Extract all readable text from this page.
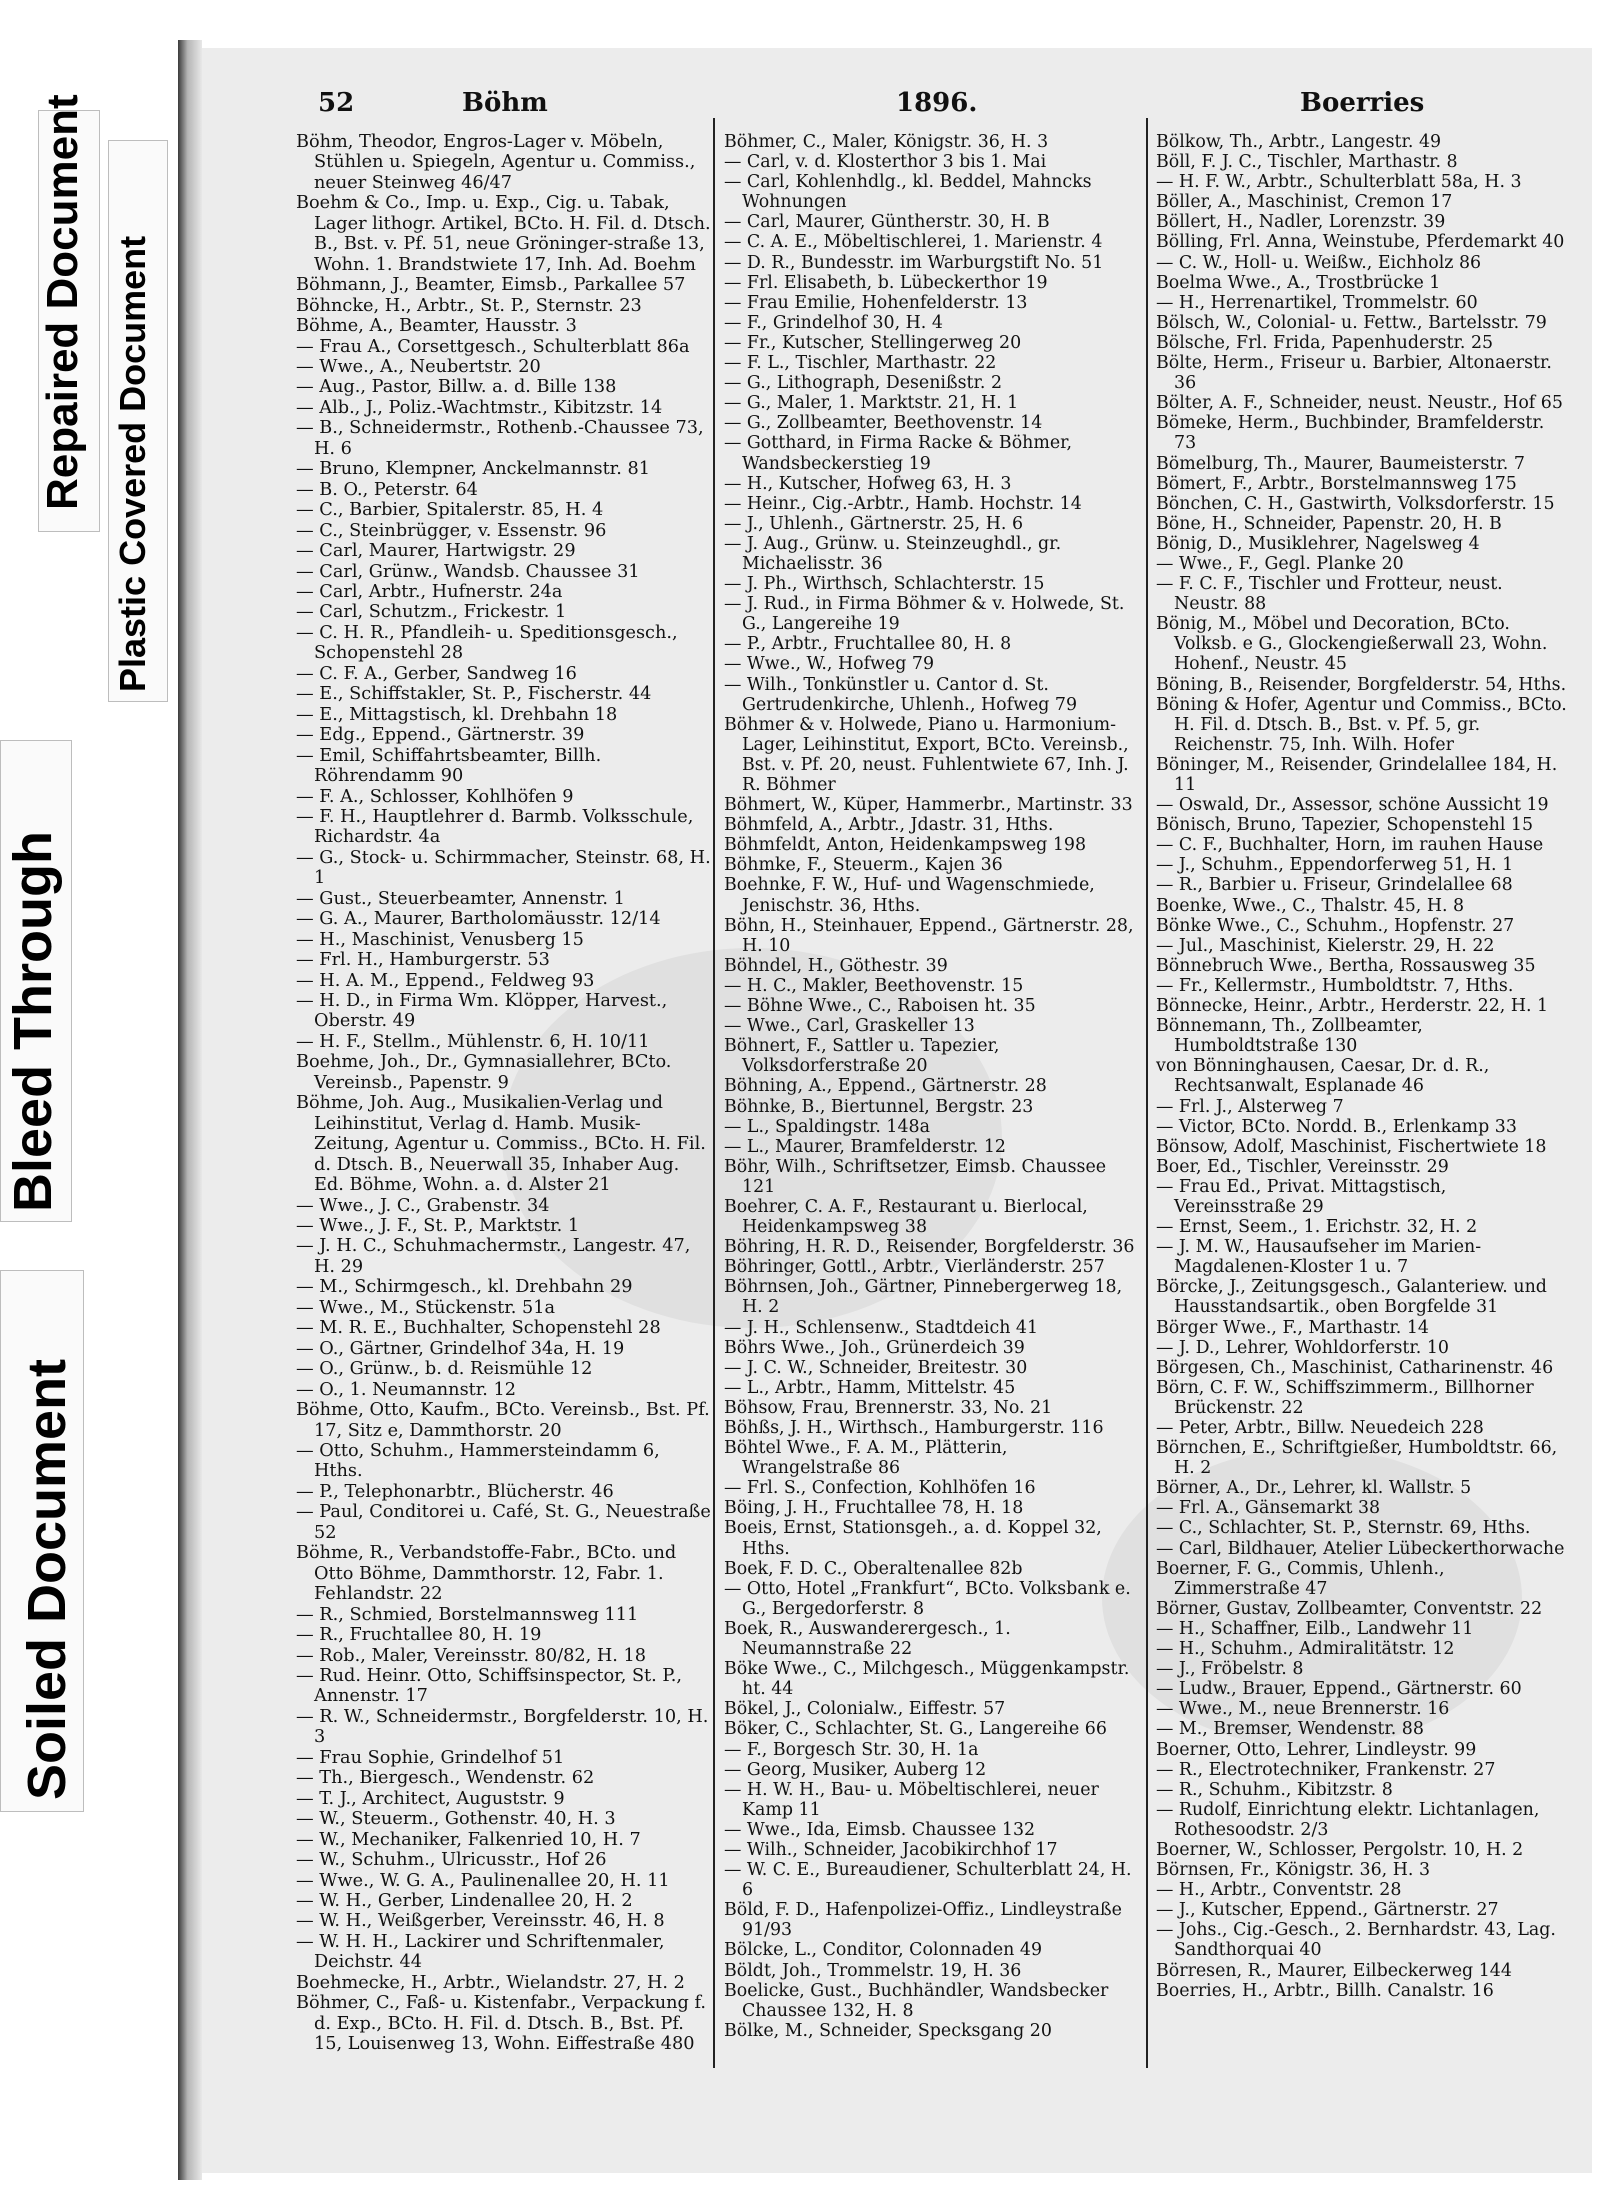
Repaired Document Plastic Covered Document
Bleed Through
Soiled Document
52	Böhm	1896.	Boerries

Böhm, Theodor, Engros-Lager v. Möbeln, Stühlen u. Spiegeln, Agentur u. Commiss., neuer Steinweg 46/47

Boehm & Co., Imp. u. Exp., Cig. u. Tabak, Lager lithogr. Artikel, BCto. H. Fil. d. Dtsch. B., Bst. v. Pf. 51, neue Gröninger-straße 13, Wohn. 1. Brandstwiete 17, Inh. Ad. Boehm

Böhmann, J., Beamter, Eimsb., Parkallee 57

Böhncke, H., Arbtr., St. P., Sternstr. 23

Böhme, A., Beamter, Hausstr. 3

— Frau A., Corsettgesch., Schulterblatt 86a

— Wwe., A., Neubertstr. 20

— Aug., Pastor, Billw. a. d. Bille 138

— Alb., J., Poliz.-Wachtmstr., Kibitzstr. 14

— B., Schneidermstr., Rothenb.-Chaussee 73, H. 6

— Bruno, Klempner, Anckelmannstr. 81

— B. O., Peterstr. 64

— C., Barbier, Spitalerstr. 85, H. 4

— C., Steinbrügger, v. Essenstr. 96

— Carl, Maurer, Hartwigstr. 29

— Carl, Grünw., Wandsb. Chaussee 31

— Carl, Arbtr., Hufnerstr. 24a

— Carl, Schutzm., Frickestr. 1

— C. H. R., Pfandleih- u. Speditionsgesch., Schopenstehl 28

— C. F. A., Gerber, Sandweg 16

— E., Schiffstakler, St. P., Fischerstr. 44

— E., Mittagstisch, kl. Drehbahn 18

— Edg., Eppend., Gärtnerstr. 39

— Emil, Schiffahrtsbeamter, Billh. Röhrendamm 90

— F. A., Schlosser, Kohlhöfen 9

— F. H., Hauptlehrer d. Barmb. Volksschule, Richardstr. 4a

— G., Stock- u. Schirmmacher, Steinstr. 68, H. 1

— Gust., Steuerbeamter, Annenstr. 1

— G. A., Maurer, Bartholomäusstr. 12/14

— H., Maschinist, Venusberg 15

— Frl. H., Hamburgerstr. 53

— H. A. M., Eppend., Feldweg 93

— H. D., in Firma Wm. Klöpper, Harvest., Oberstr. 49

— H. F., Stellm., Mühlenstr. 6, H. 10/11

Boehme, Joh., Dr., Gymnasiallehrer, BCto. Vereinsb., Papenstr. 9

Böhme, Joh. Aug., Musikalien-Verlag und Leihinstitut, Verlag d. Hamb. Musik-Zeitung, Agentur u. Commiss., BCto. H. Fil. d. Dtsch. B., Neuerwall 35, Inhaber Aug. Ed. Böhme, Wohn. a. d. Alster 21

— Wwe., J. C., Grabenstr. 34

— Wwe., J. F., St. P., Marktstr. 1

— J. H. C., Schuhmachermstr., Langestr. 47, H. 29

— M., Schirmgesch., kl. Drehbahn 29

— Wwe., M., Stückenstr. 51a

— M. R. E., Buchhalter, Schopenstehl 28

— O., Gärtner, Grindelhof 34a, H. 19

— O., Grünw., b. d. Reismühle 12

— O., 1. Neumannstr. 12

Böhme, Otto, Kaufm., BCto. Vereinsb., Bst. Pf. 17, Sitz e, Dammthorstr. 20

— Otto, Schuhm., Hammersteindamm 6, Hths.

— P., Telephonarbtr., Blücherstr. 46

— Paul, Conditorei u. Café, St. G., Neuestraße 52

Böhme, R., Verbandstoffe-Fabr., BCto. und Otto Böhme, Dammthorstr. 12, Fabr. 1. Fehlandstr. 22

— R., Schmied, Borstelmannsweg 111

— R., Fruchtallee 80, H. 19

— Rob., Maler, Vereinsstr. 80/82, H. 18

— Rud. Heinr. Otto, Schiffsinspector, St. P., Annenstr. 17

— R. W., Schneidermstr., Borgfelderstr. 10, H. 3

— Frau Sophie, Grindelhof 51

— Th., Biergesch., Wendenstr. 62

— T. J., Architect, Auguststr. 9

— W., Steuerm., Gothenstr. 40, H. 3

— W., Mechaniker, Falkenried 10, H. 7

— W., Schuhm., Ulricusstr., Hof 26

— Wwe., W. G. A., Paulinenallee 20, H. 11

— W. H., Gerber, Lindenallee 20, H. 2

— W. H., Weißgerber, Vereinsstr. 46, H. 8

— W. H. H., Lackirer und Schriftenmaler, Deichstr. 44

Boehmecke, H., Arbtr., Wielandstr. 27, H. 2

Böhmer, C., Faß- u. Kistenfabr., Verpackung f. d. Exp., BCto. H. Fil. d. Dtsch. B., Bst. Pf. 15, Louisenweg 13, Wohn. Eiffestraße 480

Böhmer, C., Maler, Königstr. 36, H. 3

— Carl, v. d. Klosterthor 3 bis 1. Mai

— Carl, Kohlenhdlg., kl. Beddel, Mahncks Wohnungen

— Carl, Maurer, Güntherstr. 30, H. B

— C. A. E., Möbeltischlerei, 1. Marienstr. 4

— D. R., Bundesstr. im Warburgstift No. 51

— Frl. Elisabeth, b. Lübeckerthor 19

— Frau Emilie, Hohenfelderstr. 13

— F., Grindelhof 30, H. 4

— Fr., Kutscher, Stellingerweg 20

— F. L., Tischler, Marthastr. 22

— G., Lithograph, Desenißstr. 2

— G., Maler, 1. Marktstr. 21, H. 1

— G., Zollbeamter, Beethovenstr. 14

— Gotthard, in Firma Racke & Böhmer, Wandsbeckerstieg 19

— H., Kutscher, Hofweg 63, H. 3

— Heinr., Cig.-Arbtr., Hamb. Hochstr. 14

— J., Uhlenh., Gärtnerstr. 25, H. 6

— J. Aug., Grünw. u. Steinzeughdl., gr. Michaelisstr. 36

— J. Ph., Wirthsch, Schlachterstr. 15

— J. Rud., in Firma Böhmer & v. Holwede, St. G., Langereihe 19

— P., Arbtr., Fruchtallee 80, H. 8

— Wwe., W., Hofweg 79

— Wilh., Tonkünstler u. Cantor d. St. Gertrudenkirche, Uhlenh., Hofweg 79

Böhmer & v. Holwede, Piano u. Harmonium-Lager, Leihinstitut, Export, BCto. Vereinsb., Bst. v. Pf. 20, neust. Fuhlentwiete 67, Inh. J. R. Böhmer

Böhmert, W., Küper, Hammerbr., Martinstr. 33

Böhmfeld, A., Arbtr., Jdastr. 31, Hths.

Böhmfeldt, Anton, Heidenkampsweg 198

Böhmke, F., Steuerm., Kajen 36

Boehnke, F. W., Huf- und Wagenschmiede, Jenischstr. 36, Hths.

Böhn, H., Steinhauer, Eppend., Gärtnerstr. 28, H. 10

Böhndel, H., Göthestr. 39

— H. C., Makler, Beethovenstr. 15

— Böhne Wwe., C., Raboisen ht. 35

— Wwe., Carl, Graskeller 13

Böhnert, F., Sattler u. Tapezier, Volksdorferstraße 20

Böhning, A., Eppend., Gärtnerstr. 28

Böhnke, B., Biertunnel, Bergstr. 23

— L., Spaldingstr. 148a

— L., Maurer, Bramfelderstr. 12

Böhr, Wilh., Schriftsetzer, Eimsb. Chaussee 121

Boehrer, C. A. F., Restaurant u. Bierlocal, Heidenkampsweg 38

Böhring, H. R. D., Reisender, Borgfelderstr. 36

Böhringer, Gottl., Arbtr., Vierländerstr. 257

Böhrnsen, Joh., Gärtner, Pinnebergerweg 18, H. 2

— J. H., Schlensenw., Stadtdeich 41

Böhrs Wwe., Joh., Grünerdeich 39

— J. C. W., Schneider, Breitestr. 30

— L., Arbtr., Hamm, Mittelstr. 45

Böhsow, Frau, Brennerstr. 33, No. 21

Böhßs, J. H., Wirthsch., Hamburgerstr. 116

Böhtel Wwe., F. A. M., Plätterin, Wrangelstraße 86

— Frl. S., Confection, Kohlhöfen 16

Böing, J. H., Fruchtallee 78, H. 18

Boeis, Ernst, Stationsgeh., a. d. Koppel 32, Hths.

Boek, F. D. C., Oberaltenallee 82b

— Otto, Hotel „Frankfurt“, BCto. Volksbank e. G., Bergedorferstr. 8

Boek, R., Auswanderergesch., 1. Neumannstraße 22

Böke Wwe., C., Milchgesch., Müggenkampstr. ht. 44

Bökel, J., Colonialw., Eiffestr. 57

Böker, C., Schlachter, St. G., Langereihe 66

— F., Borgesch Str. 30, H. 1a

— Georg, Musiker, Auberg 12

— H. W. H., Bau- u. Möbeltischlerei, neuer Kamp 11

— Wwe., Ida, Eimsb. Chaussee 132

— Wilh., Schneider, Jacobikirchhof 17

— W. C. E., Bureaudiener, Schulterblatt 24, H. 6

Böld, F. D., Hafenpolizei-Offiz., Lindleystraße 91/93

Bölcke, L., Conditor, Colonnaden 49

Böldt, Joh., Trommelstr. 19, H. 36

Boelicke, Gust., Buchhändler, Wandsbecker Chaussee 132, H. 8

Bölke, M., Schneider, Specksgang 20

Bölkow, Th., Arbtr., Langestr. 49

Böll, F. J. C., Tischler, Marthastr. 8

— H. F. W., Arbtr., Schulterblatt 58a, H. 3

Böller, A., Maschinist, Cremon 17

Böllert, H., Nadler, Lorenzstr. 39

Bölling, Frl. Anna, Weinstube, Pferdemarkt 40

— C. W., Holl- u. Weißw., Eichholz 86

Boelma Wwe., A., Trostbrücke 1

— H., Herrenartikel, Trommelstr. 60

Bölsch, W., Colonial- u. Fettw., Bartelsstr. 79

Bölsche, Frl. Frida, Papenhuderstr. 25

Bölte, Herm., Friseur u. Barbier, Altonaerstr. 36

Bölter, A. F., Schneider, neust. Neustr., Hof 65

Bömeke, Herm., Buchbinder, Bramfelderstr. 73

Bömelburg, Th., Maurer, Baumeisterstr. 7

Bömert, F., Arbtr., Borstelmannsweg 175

Bönchen, C. H., Gastwirth, Volksdorferstr. 15

Böne, H., Schneider, Papenstr. 20, H. B

Bönig, D., Musiklehrer, Nagelsweg 4

— Wwe., F., Gegl. Planke 20

— F. C. F., Tischler und Frotteur, neust. Neustr. 88

Bönig, M., Möbel und Decoration, BCto. Volksb. e G., Glockengießerwall 23, Wohn. Hohenf., Neustr. 45

Böning, B., Reisender, Borgfelderstr. 54, Hths.

Böning & Hofer, Agentur und Commiss., BCto. H. Fil. d. Dtsch. B., Bst. v. Pf. 5, gr. Reichenstr. 75, Inh. Wilh. Hofer

Böninger, M., Reisender, Grindelallee 184, H. 11

— Oswald, Dr., Assessor, schöne Aussicht 19

Bönisch, Bruno, Tapezier, Schopenstehl 15

— C. F., Buchhalter, Horn, im rauhen Hause

— J., Schuhm., Eppendorferweg 51, H. 1

— R., Barbier u. Friseur, Grindelallee 68

Boenke, Wwe., C., Thalstr. 45, H. 8

Bönke Wwe., C., Schuhm., Hopfenstr. 27

— Jul., Maschinist, Kielerstr. 29, H. 22

Bönnebruch Wwe., Bertha, Rossausweg 35

— Fr., Kellermstr., Humboldtstr. 7, Hths.

Bönnecke, Heinr., Arbtr., Herderstr. 22, H. 1

Bönnemann, Th., Zollbeamter, Humboldtstraße 130

von Bönninghausen, Caesar, Dr. d. R., Rechtsanwalt, Esplanade 46

— Frl. J., Alsterweg 7

— Victor, BCto. Nordd. B., Erlenkamp 33

Bönsow, Adolf, Maschinist, Fischertwiete 18

Boer, Ed., Tischler, Vereinsstr. 29

— Frau Ed., Privat. Mittagstisch, Vereinsstraße 29

— Ernst, Seem., 1. Erichstr. 32, H. 2

— J. M. W., Hausaufseher im Marien-Magdalenen-Kloster 1 u. 7

Börcke, J., Zeitungsgesch., Galanteriew. und Hausstandsartik., oben Borgfelde 31

Börger Wwe., F., Marthastr. 14

— J. D., Lehrer, Wohldorferstr. 10

Börgesen, Ch., Maschinist, Catharinenstr. 46

Börn, C. F. W., Schiffszimmerm., Billhorner Brückenstr. 22

— Peter, Arbtr., Billw. Neuedeich 228

Börnchen, E., Schriftgießer, Humboldtstr. 66, H. 2

Börner, A., Dr., Lehrer, kl. Wallstr. 5

— Frl. A., Gänsemarkt 38

— C., Schlachter, St. P., Sternstr. 69, Hths.

— Carl, Bildhauer, Atelier Lübeckerthorwache

Boerner, F. G., Commis, Uhlenh., Zimmerstraße 47

Börner, Gustav, Zollbeamter, Conventstr. 22

— H., Schaffner, Eilb., Landwehr 11

— H., Schuhm., Admiralitätstr. 12

— J., Fröbelstr. 8

— Ludw., Brauer, Eppend., Gärtnerstr. 60

— Wwe., M., neue Brennerstr. 16

— M., Bremser, Wendenstr. 88

Boerner, Otto, Lehrer, Lindleystr. 99

— R., Electrotechniker, Frankenstr. 27

— R., Schuhm., Kibitzstr. 8

— Rudolf, Einrichtung elektr. Lichtanlagen, Rothesoodstr. 2/3

Boerner, W., Schlosser, Pergolstr. 10, H. 2

Börnsen, Fr., Königstr. 36, H. 3

— H., Arbtr., Conventstr. 28

— J., Kutscher, Eppend., Gärtnerstr. 27

— Johs., Cig.-Gesch., 2. Bernhardstr. 43, Lag. Sandthorquai 40

Börresen, R., Maurer, Eilbeckerweg 144

Boerries, H., Arbtr., Billh. Canalstr. 16
